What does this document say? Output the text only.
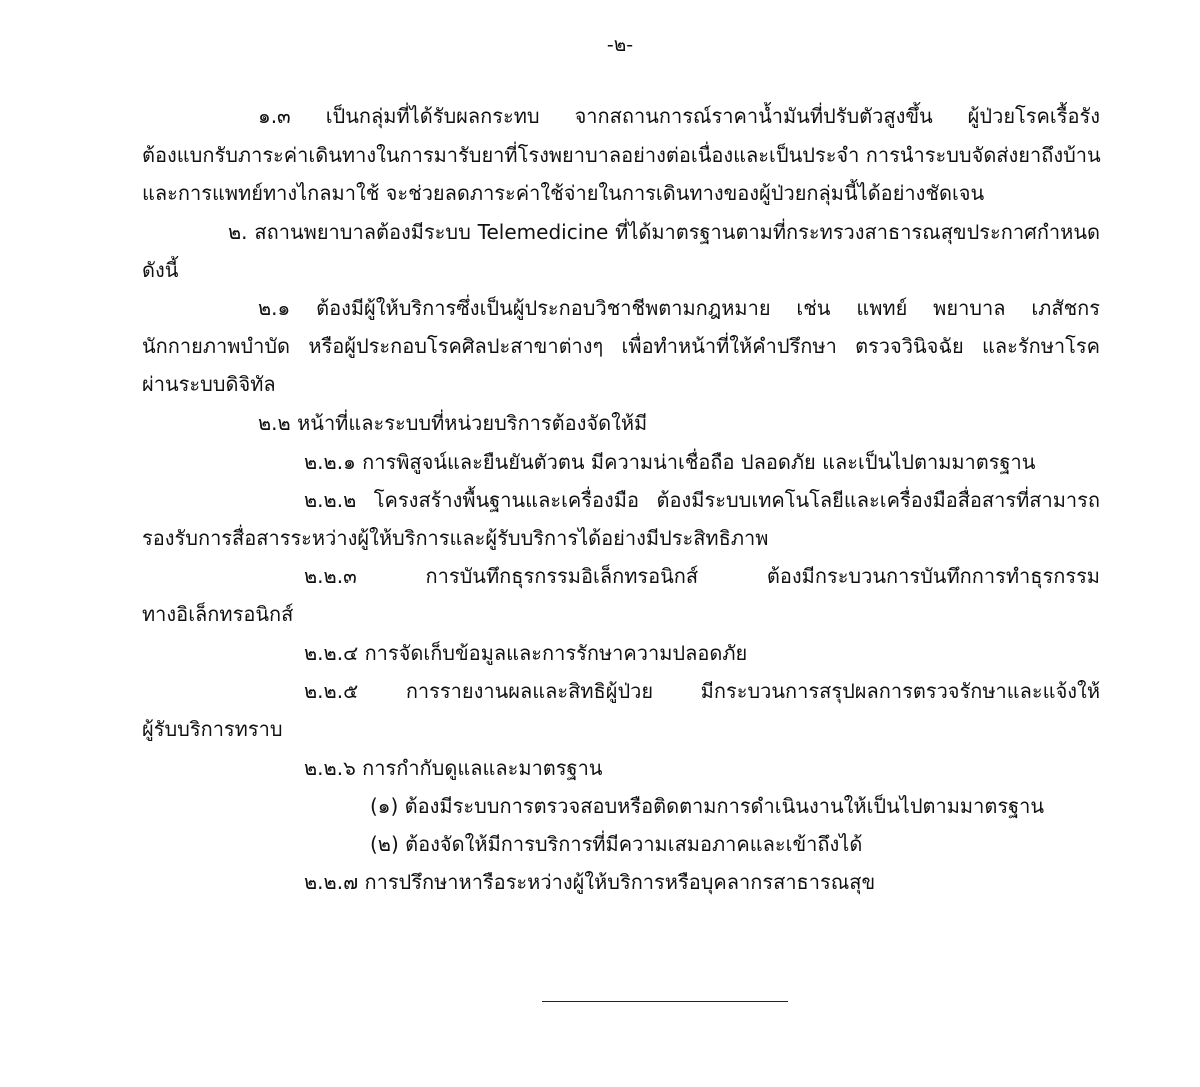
-๒-
๑.๓ เป็นกลุ่มที่ได้รับผลกระทบ จากสถานการณ์ราคาน้ำมันที่ปรับตัวสูงขึ้น ผู้ป่วยโรคเรื้อรัง
ต้องแบกรับภาระค่าเดินทางในการมารับยาที่โรงพยาบาลอย่างต่อเนื่องและเป็นประจำ การนำระบบจัดส่งยาถึงบ้าน
และการแพทย์ทางไกลมาใช้ จะช่วยลดภาระค่าใช้จ่ายในการเดินทางของผู้ป่วยกลุ่มนี้ได้อย่างชัดเจน
๒. สถานพยาบาลต้องมีระบบ Telemedicine ที่ได้มาตรฐานตามที่กระทรวงสาธารณสุขประกาศกำหนด
ดังนี้
๒.๑ ต้องมีผู้ให้บริการซึ่งเป็นผู้ประกอบวิชาชีพตามกฎหมาย เช่น แพทย์ พยาบาล เภสัชกร
นักกายภาพบำบัด หรือผู้ประกอบโรคศิลปะสาขาต่างๆ เพื่อทำหน้าที่ให้คำปรึกษา ตรวจวินิจฉัย และรักษาโรค
ผ่านระบบดิจิทัล
๒.๒ หน้าที่และระบบที่หน่วยบริการต้องจัดให้มี
๒.๒.๑ การพิสูจน์และยืนยันตัวตน มีความน่าเชื่อถือ ปลอดภัย และเป็นไปตามมาตรฐาน
๒.๒.๒ โครงสร้างพื้นฐานและเครื่องมือ ต้องมีระบบเทคโนโลยีและเครื่องมือสื่อสารที่สามารถ
รองรับการสื่อสารระหว่างผู้ให้บริการและผู้รับบริการได้อย่างมีประสิทธิภาพ
๒.๒.๓ การบันทึกธุรกรรมอิเล็กทรอนิกส์ ต้องมีกระบวนการบันทึกการทำธุรกรรม
ทางอิเล็กทรอนิกส์
๒.๒.๔ การจัดเก็บข้อมูลและการรักษาความปลอดภัย
๒.๒.๕ การรายงานผลและสิทธิผู้ป่วย มีกระบวนการสรุปผลการตรวจรักษาและแจ้งให้
ผู้รับบริการทราบ
๒.๒.๖ การกำกับดูแลและมาตรฐาน
(๑) ต้องมีระบบการตรวจสอบหรือติดตามการดำเนินงานให้เป็นไปตามมาตรฐาน
(๒) ต้องจัดให้มีการบริการที่มีความเสมอภาคและเข้าถึงได้
๒.๒.๗ การปรึกษาหารือระหว่างผู้ให้บริการหรือบุคลากรสาธารณสุข
